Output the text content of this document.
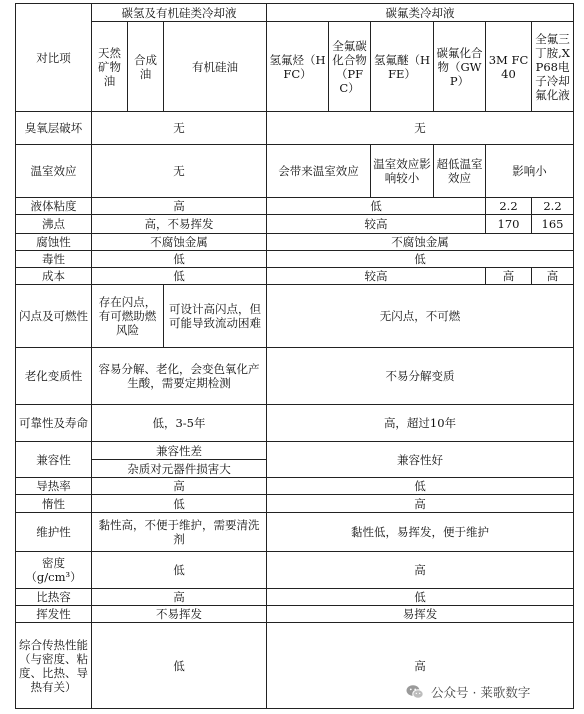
对比项	碳氢及有机硅类冷却液			碳氟类冷却液					
	天然矿物油	合成油	有机硅油	氢氟烃（HFC）	全氟碳化合物（PFC）	氢氟醚（HFE）	碳氟化合物（GWP）	3M FC40	全氟三丁胺,XP68电子冷却氟化液
臭氧层破坏	无			无					
温室效应	无			会带来温室效应		温室效应影响较小	超低温室效应	影响小	
液体粘度	高			低				2.2	2.2
沸点	高，不易挥发			较高				170	165
腐蚀性	不腐蚀金属			不腐蚀金属					
毒性	低			低					
成本	低			较高				高	高
闪点及可燃性	存在闪点，有可燃助燃风险		可设计高闪点，但可能导致流动困难	无闪点，不可燃					
老化变质性	容易分解、老化，会变色氧化产生酸，需要定期检测			不易分解变质					
可靠性及寿命	低，3-5年			高，超过10年					
兼容性	兼容性差			兼容性好					
	杂质对元器件损害大								
导热率	高			低					
惰性	低			高					
维护性	黏性高，不便于维护，需要清洗剂			黏性低，易挥发，便于维护					

密度
（g/cm³）	低			高					
比热容	高			低					
挥发性	不易挥发			易挥发					
综合传热性能（与密度、粘度、比热、导热有关）	低			高					
公众号 · 莱歌数字
